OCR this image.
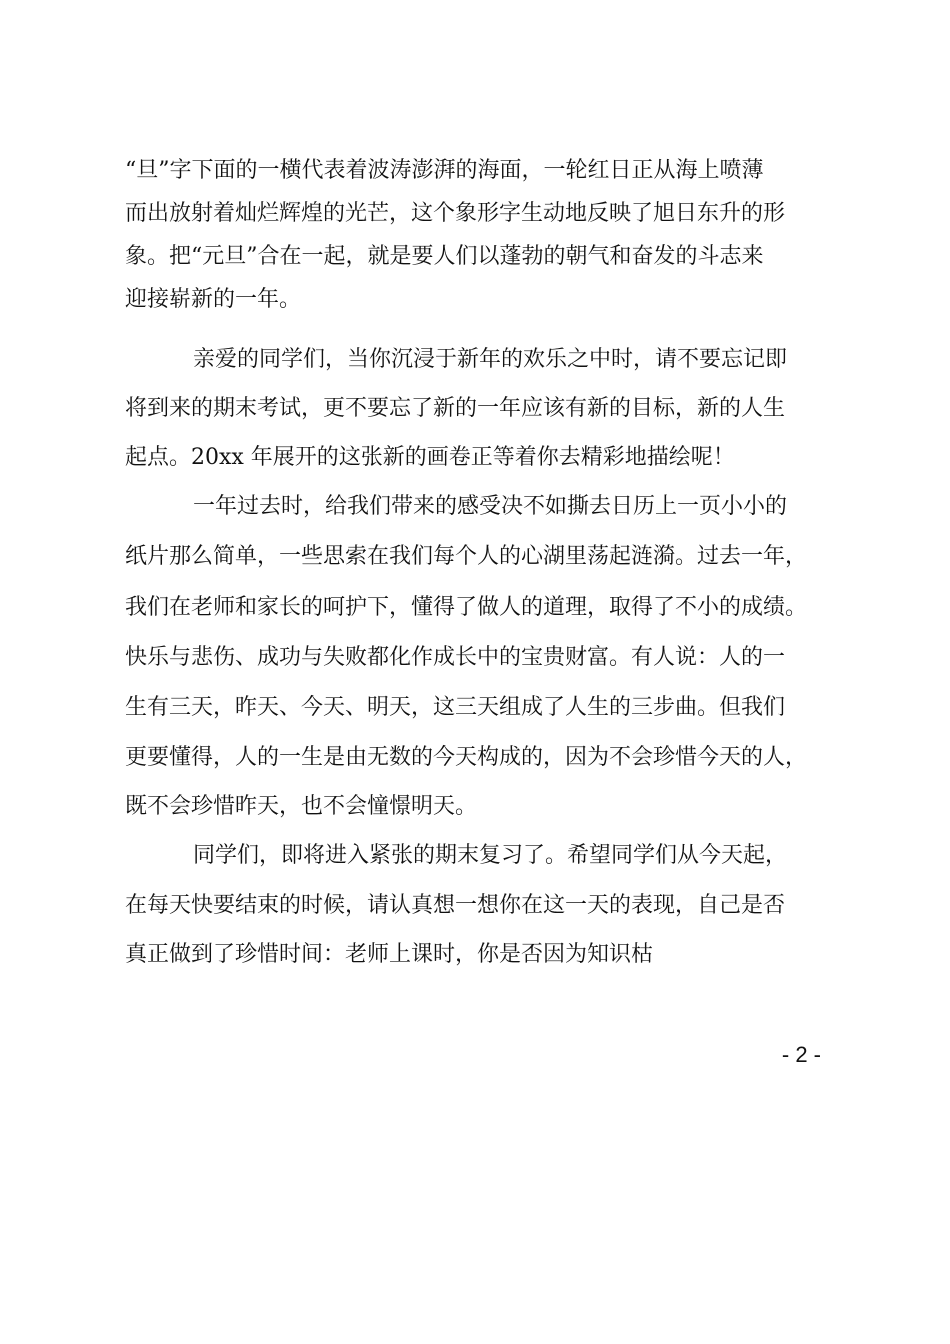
“旦”字下面的一横代表着波涛澎湃的海面，一轮红日正从海上喷薄
而出放射着灿烂辉煌的光芒，这个象形字生动地反映了旭日东升的形
象。把“元旦”合在一起，就是要人们以蓬勃的朝气和奋发的斗志来
迎接崭新的一年。
亲爱的同学们，当你沉浸于新年的欢乐之中时，请不要忘记即
将到来的期末考试，更不要忘了新的一年应该有新的目标，新的人生
起点。20xx 年展开的这张新的画卷正等着你去精彩地描绘呢！
一年过去时，给我们带来的感受决不如撕去日历上一页小小的
纸片那么简单，一些思索在我们每个人的心湖里荡起涟漪。过去一年，
我们在老师和家长的呵护下，懂得了做人的道理，取得了不小的成绩。
快乐与悲伤、成功与失败都化作成长中的宝贵财富。有人说：人的一
生有三天，昨天、今天、明天，这三天组成了人生的三步曲。但我们
更要懂得，人的一生是由无数的今天构成的，因为不会珍惜今天的人，
既不会珍惜昨天，也不会憧憬明天。
同学们，即将进入紧张的期末复习了。希望同学们从今天起，
在每天快要结束的时候，请认真想一想你在这一天的表现，自己是否
真正做到了珍惜时间：老师上课时，你是否因为知识枯
- 2 -
